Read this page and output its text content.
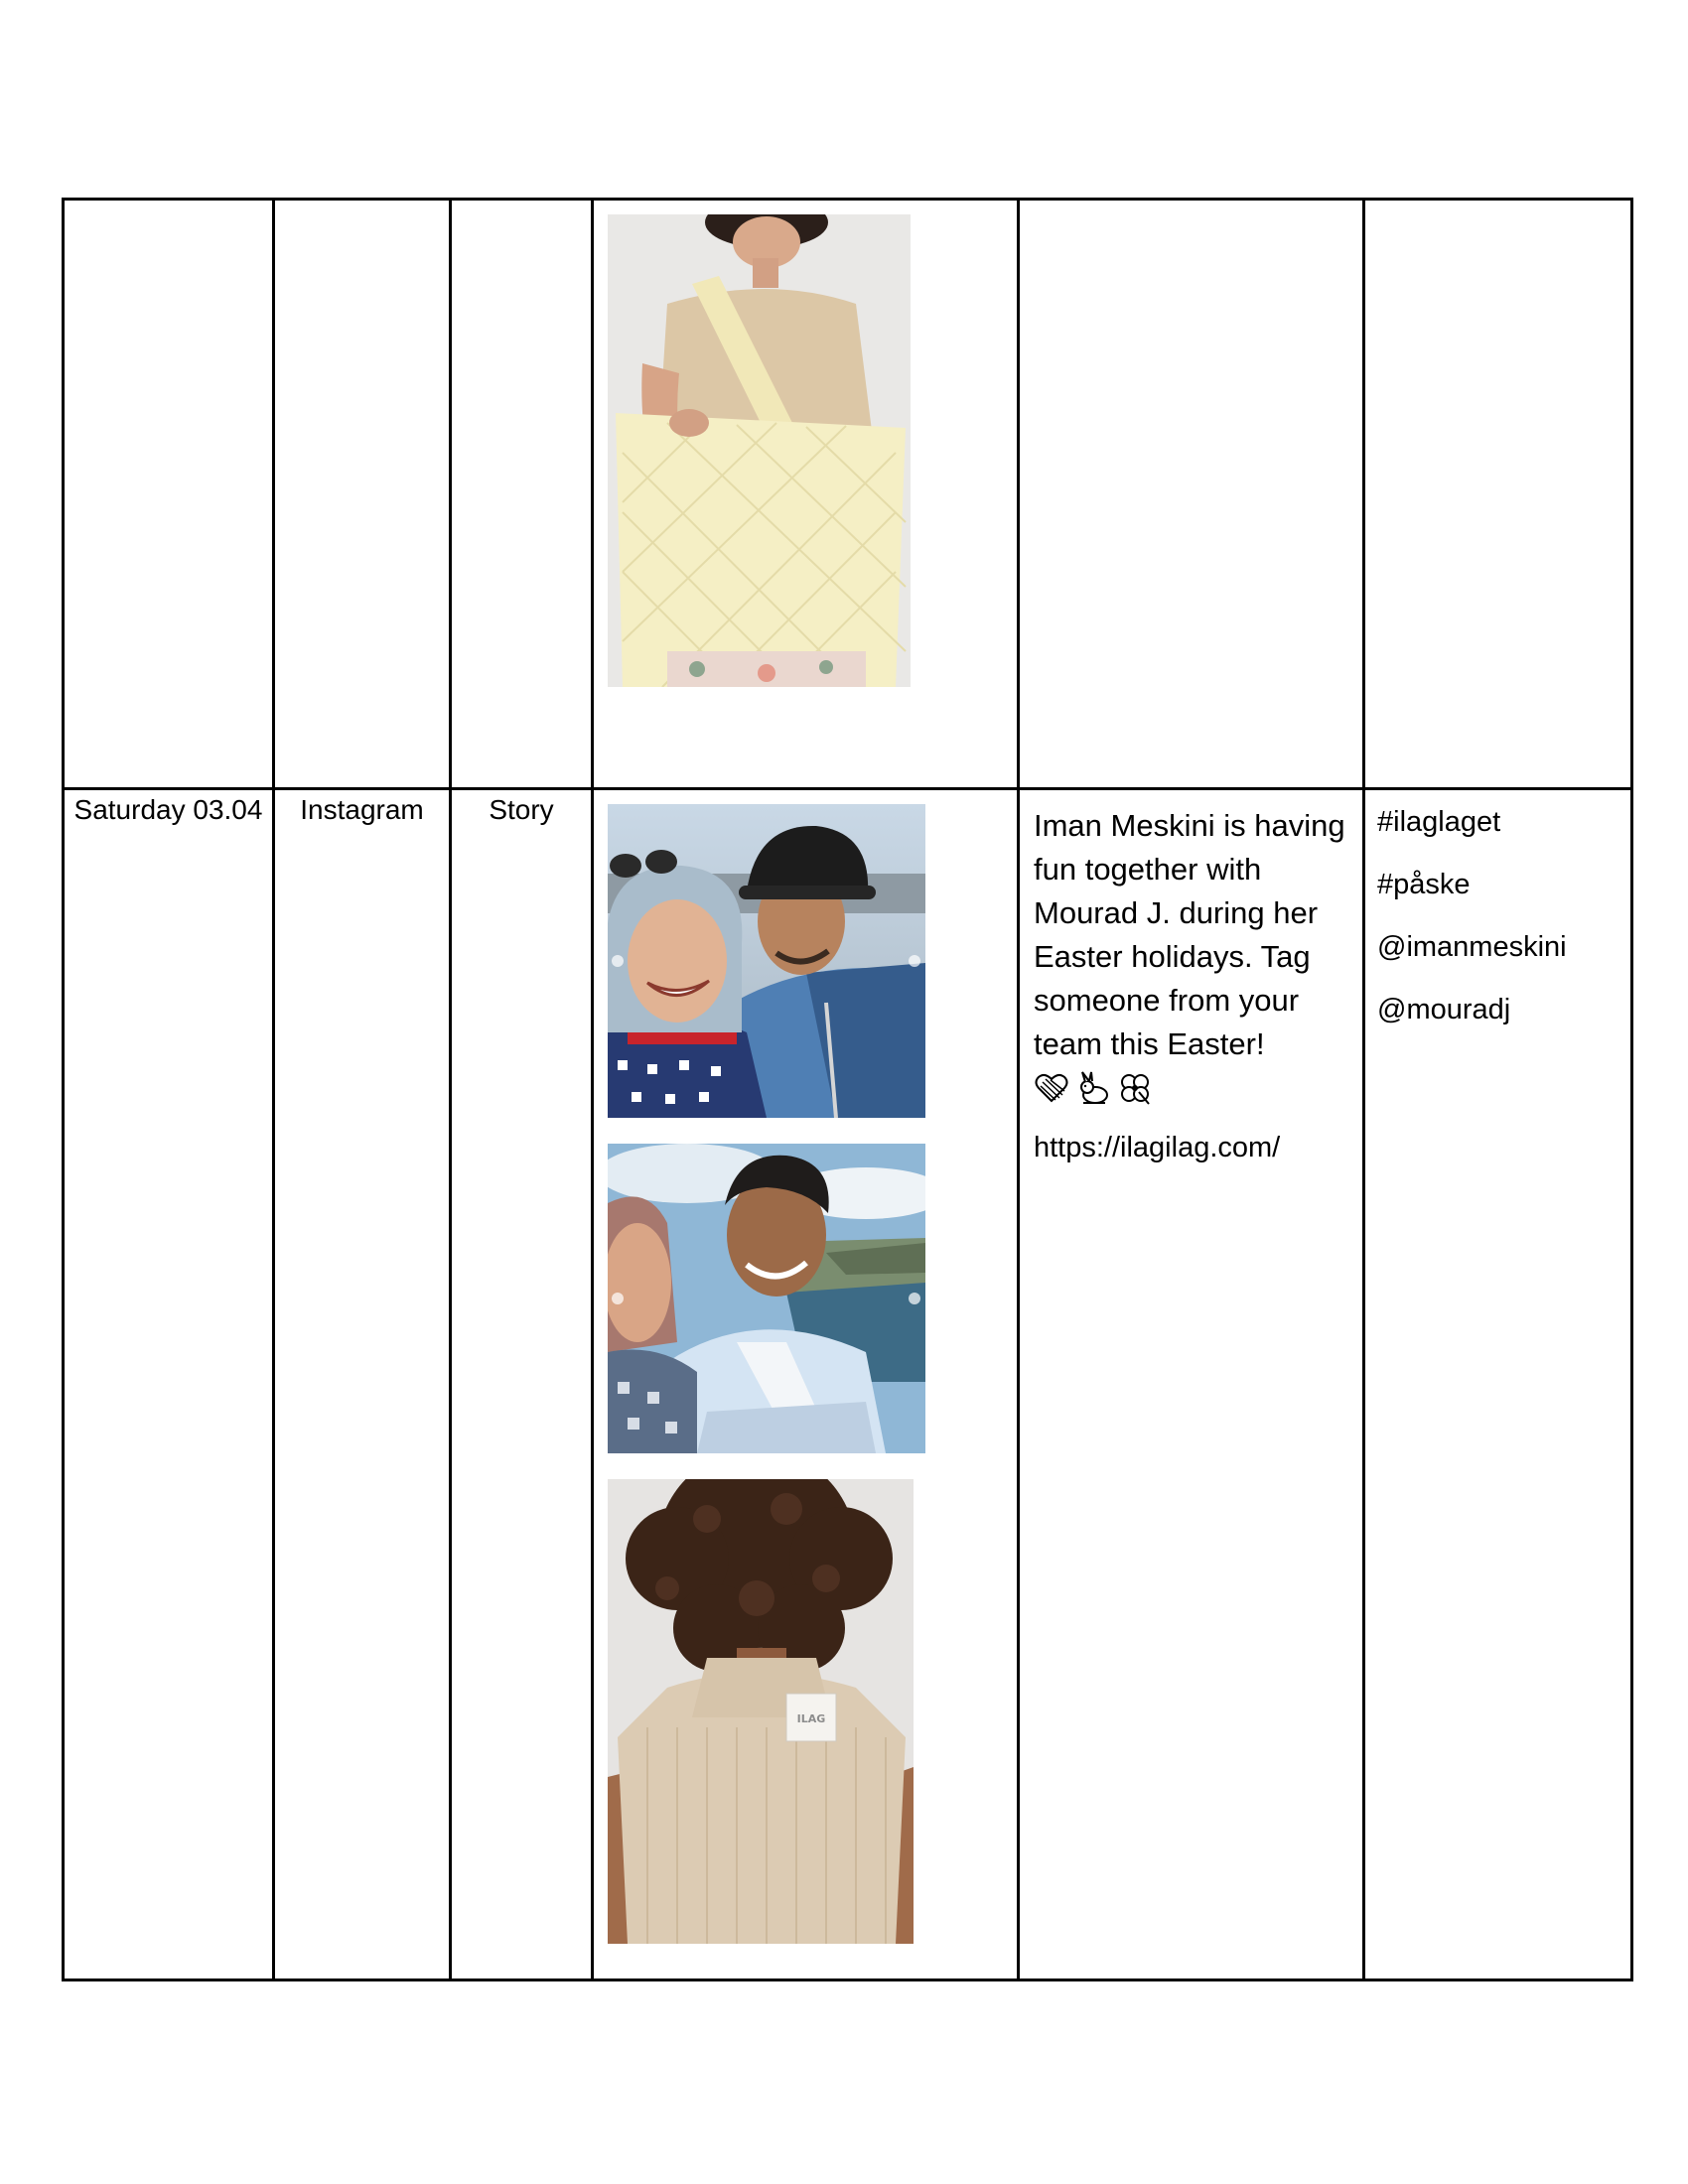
Saturday 03.04	Instagram	Story	ILAG	Iman Meskini is having fun together with Mourad J. during her Easter holidays. Tag someone from your team this Easter!
https://ilagilag.com/	#ilaglaget
#påske
@imanmeskini
@mouradj
